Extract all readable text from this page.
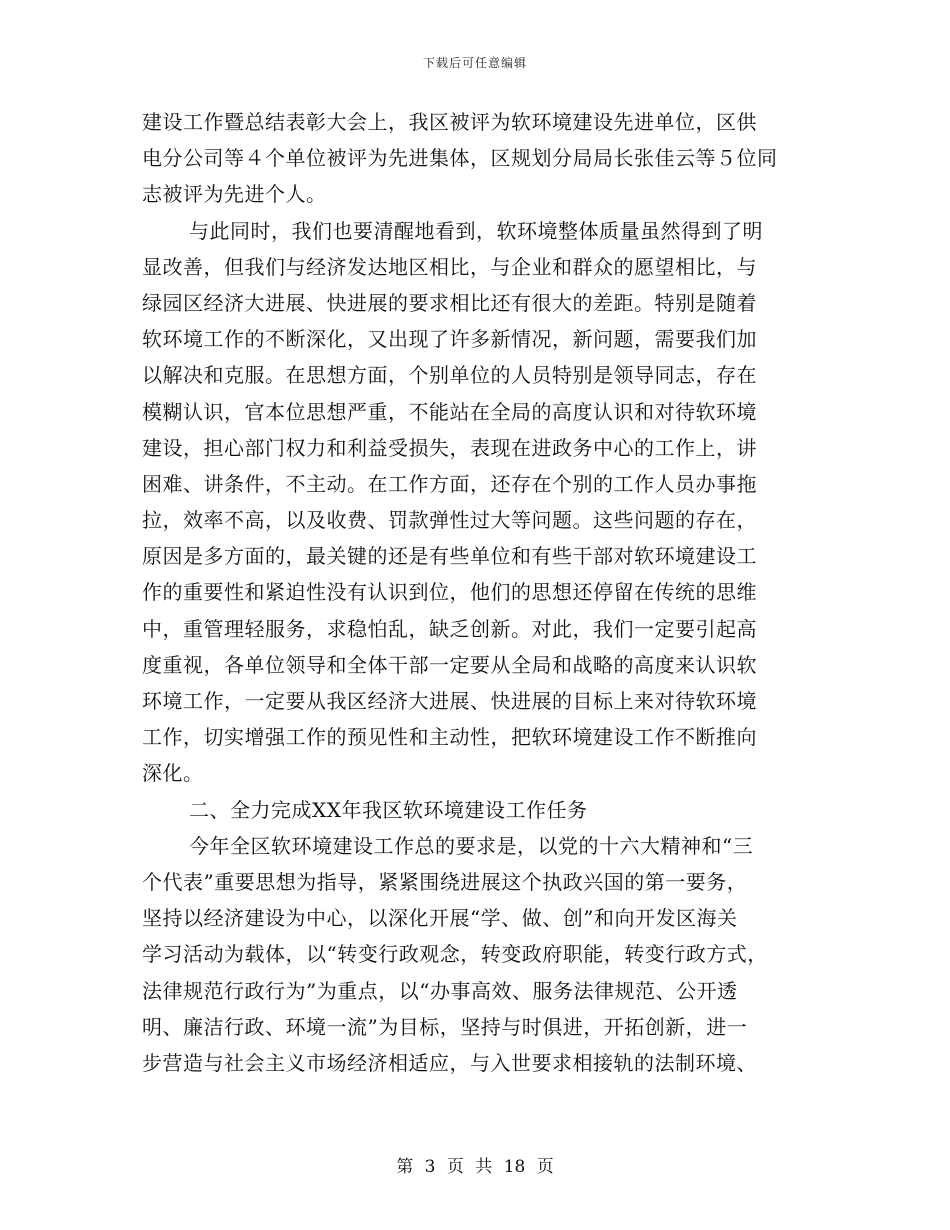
下载后可任意编辑
建设工作暨总结表彰大会上，我区被评为软环境建设先进单位，区供
电分公司等４个单位被评为先进集体，区规划分局局长张佳云等５位同
志被评为先进个人。
与此同时，我们也要清醒地看到，软环境整体质量虽然得到了明
显改善，但我们与经济发达地区相比，与企业和群众的愿望相比，与
绿园区经济大进展、快进展的要求相比还有很大的差距。特别是随着
软环境工作的不断深化，又出现了许多新情况，新问题，需要我们加
以解决和克服。在思想方面，个别单位的人员特别是领导同志，存在
模糊认识，官本位思想严重，不能站在全局的高度认识和对待软环境
建设，担心部门权力和利益受损失，表现在进政务中心的工作上，讲
困难、讲条件，不主动。在工作方面，还存在个别的工作人员办事拖
拉，效率不高，以及收费、罚款弹性过大等问题。这些问题的存在，
原因是多方面的，最关键的还是有些单位和有些干部对软环境建设工
作的重要性和紧迫性没有认识到位，他们的思想还停留在传统的思维
中，重管理轻服务，求稳怕乱，缺乏创新。对此，我们一定要引起高
度重视，各单位领导和全体干部一定要从全局和战略的高度来认识软
环境工作，一定要从我区经济大进展、快进展的目标上来对待软环境
工作，切实增强工作的预见性和主动性，把软环境建设工作不断推向
深化。
二、全力完成XX年我区软环境建设工作任务
今年全区软环境建设工作总的要求是，以党的十六大精神和“三
个代表”重要思想为指导，紧紧围绕进展这个执政兴国的第一要务，
坚持以经济建设为中心，以深化开展“学、做、创”和向开发区海关
学习活动为载体，以“转变行政观念，转变政府职能，转变行政方式，
法律规范行政行为”为重点，以“办事高效、服务法律规范、公开透
明、廉洁行政、环境一流”为目标，坚持与时俱进，开拓创新，进一
步营造与社会主义市场经济相适应，与入世要求相接轨的法制环境、
第 3 页 共 18 页
